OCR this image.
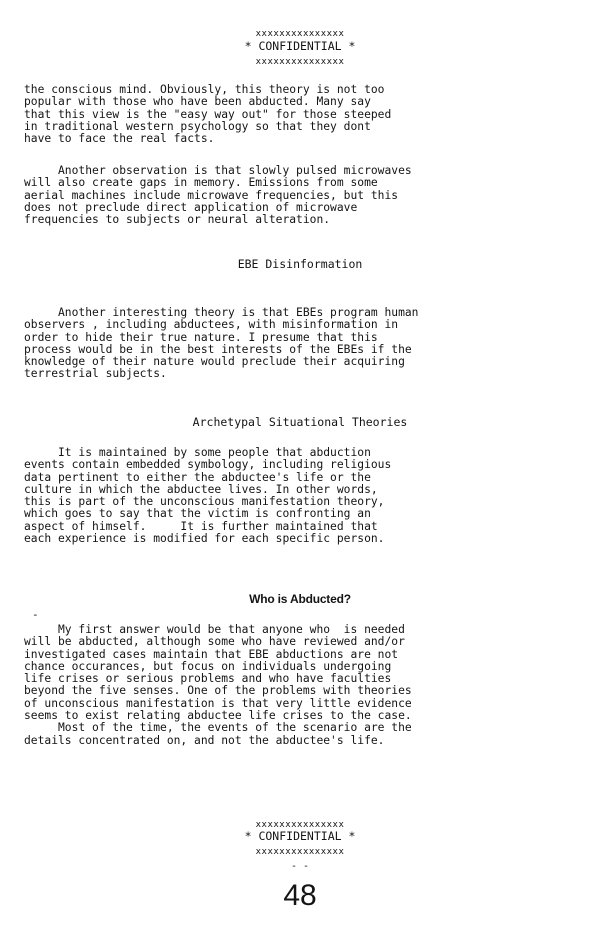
xxxxxxxxxxxxxxx
* CONFIDENTIAL *
xxxxxxxxxxxxxxx

the conscious mind. Obviously, this theory is not too
popular with those who have been abducted. Many say
that this view is the "easy way out" for those steeped
in traditional western psychology so that they dont
have to face the real facts.

Another observation is that slowly pulsed microwaves
will also create gaps in memory. Emissions from some
aerial machines include microwave frequencies, but this
does not preclude direct application of microwave
frequencies to subjects or neural alteration.

EBE Disinformation

Another interesting theory is that EBEs program human
observers , including abductees, with misinformation in
order to hide their true nature. I presume that this
process would be in the best interests of the EBEs if the
knowledge of their nature would preclude their acquiring
terrestrial subjects.

Archetypal Situational Theories

It is maintained by some people that abduction
events contain embedded symbology, including religious
data pertinent to either the abductee's life or the
culture in which the abductee lives. In other words,
this is part of the unconscious manifestation theory,
which goes to say that the victim is confronting an
aspect of himself.     It is further maintained that
each experience is modified for each specific person.

Who is Abducted?
-

My first answer would be that anyone who  is needed
will be abducted, although some who have reviewed and/or
investigated cases maintain that EBE abductions are not
chance occurances, but focus on individuals undergoing
life crises or serious problems and who have faculties
beyond the five senses. One of the problems with theories
of unconscious manifestation is that very little evidence
seems to exist relating abductee life crises to the case.
Most of the time, the events of the scenario are the
details concentrated on, and not the abductee's life.

xxxxxxxxxxxxxxx
* CONFIDENTIAL *
xxxxxxxxxxxxxxx
- -
48
